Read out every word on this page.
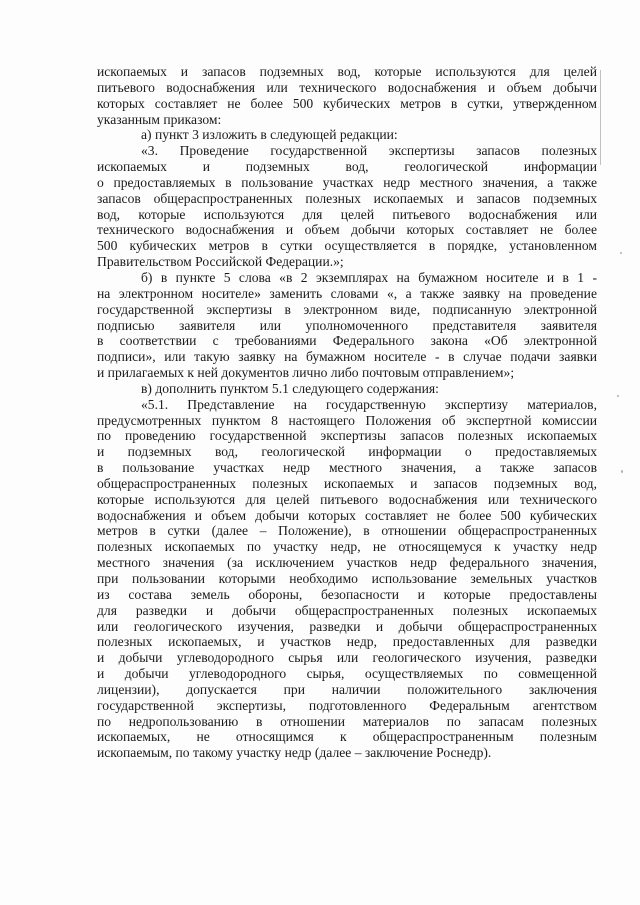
ископаемых и запасов подземных вод, которые используются для целей
питьевого водоснабжения или технического водоснабжения и объем добычи
которых составляет не более 500 кубических метров в сутки, утвержденном
указанным приказом:
а) пункт 3 изложить в следующей редакции:
«3. Проведение государственной экспертизы запасов полезных
ископаемых и подземных вод, геологической информации
о предоставляемых в пользование участках недр местного значения, а также
запасов общераспространенных полезных ископаемых и запасов подземных
вод, которые используются для целей питьевого водоснабжения или
технического водоснабжения и объем добычи которых составляет не более
500 кубических метров в сутки осуществляется в порядке, установленном
Правительством Российской Федерации.»;
б) в пункте 5 слова «в 2 экземплярах на бумажном носителе и в 1 -
на электронном носителе» заменить словами «, а также заявку на проведение
государственной экспертизы в электронном виде, подписанную электронной
подписью заявителя или уполномоченного представителя заявителя
в соответствии с требованиями Федерального закона «Об электронной
подписи», или такую заявку на бумажном носителе - в случае подачи заявки
и прилагаемых к ней документов лично либо почтовым отправлением»;
в) дополнить пунктом 5.1 следующего содержания:
«5.1. Представление на государственную экспертизу материалов,
предусмотренных пунктом 8 настоящего Положения об экспертной комиссии
по проведению государственной экспертизы запасов полезных ископаемых
и подземных вод, геологической информации о предоставляемых
в пользование участках недр местного значения, а также запасов
общераспространенных полезных ископаемых и запасов подземных вод,
которые используются для целей питьевого водоснабжения или технического
водоснабжения и объем добычи которых составляет не более 500 кубических
метров в сутки (далее – Положение), в отношении общераспространенных
полезных ископаемых по участку недр, не относящемуся к участку недр
местного значения (за исключением участков недр федерального значения,
при пользовании которыми необходимо использование земельных участков
из состава земель обороны, безопасности и которые предоставлены
для разведки и добычи общераспространенных полезных ископаемых
или геологического изучения, разведки и добычи общераспространенных
полезных ископаемых, и участков недр, предоставленных для разведки
и добычи углеводородного сырья или геологического изучения, разведки
и добычи углеводородного сырья, осуществляемых по совмещенной
лицензии), допускается при наличии положительного заключения
государственной экспертизы, подготовленного Федеральным агентством
по недропользованию в отношении материалов по запасам полезных
ископаемых, не относящимся к общераспространенным полезным
ископаемым, по такому участку недр (далее – заключение Роснедр).
